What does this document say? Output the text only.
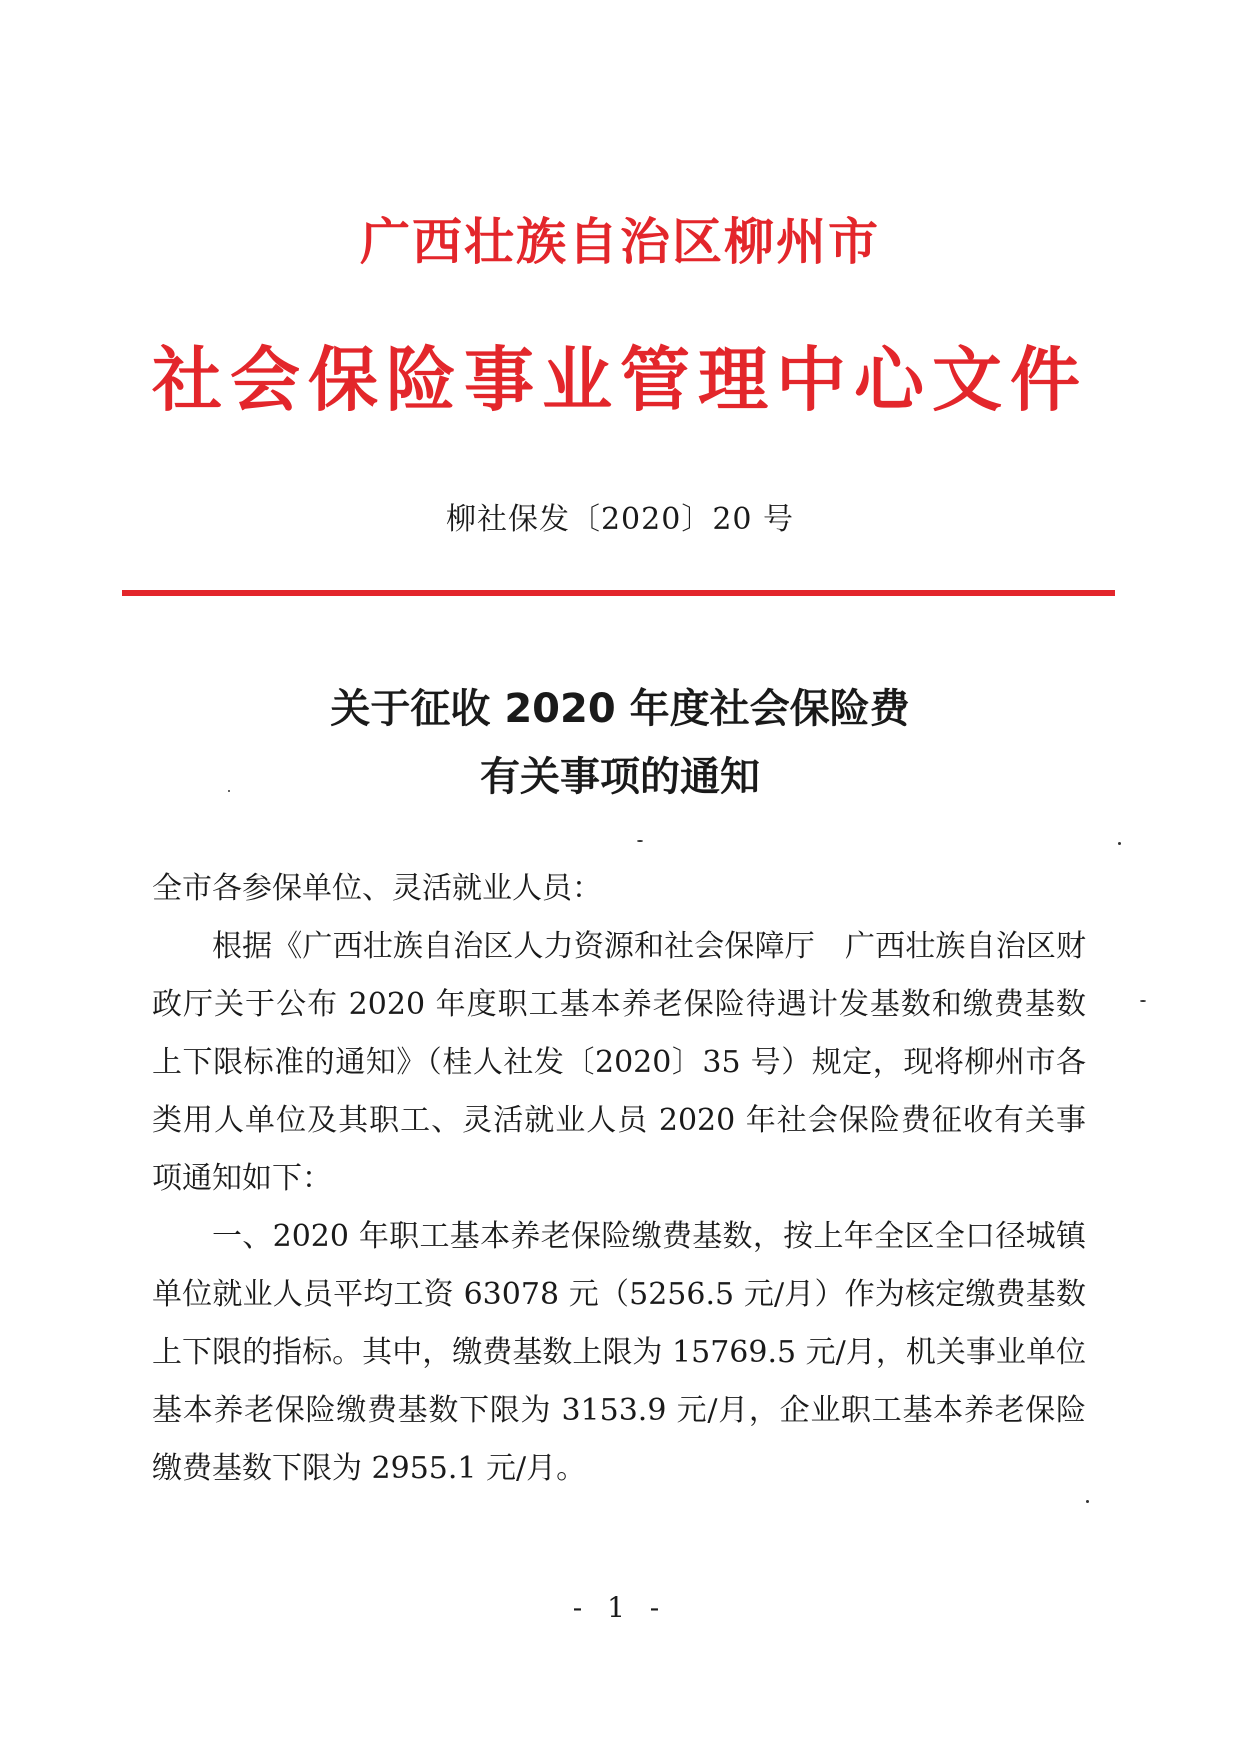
广西壮族自治区柳州市
社会保险事业管理中心文件
柳社保发〔2020〕20 号
关于征收 2020 年度社会保险费
有关事项的通知

全市各参保单位、灵活就业人员：

根据《广西壮族自治区人力资源和社会保障厅　广西壮族自治区财政厅关于公布 2020 年度职工基本养老保险待遇计发基数和缴费基数上下限标准的通知》（桂人社发〔2020〕35 号）规定，现将柳州市各类用人单位及其职工、灵活就业人员 2020 年社会保险费征收有关事项通知如下：

一、2020 年职工基本养老保险缴费基数，按上年全区全口径城镇单位就业人员平均工资 63078 元（5256.5 元/月）作为核定缴费基数上下限的指标。其中，缴费基数上限为 15769.5 元/月，机关事业单位基本养老保险缴费基数下限为 3153.9 元/月，企业职工基本养老保险缴费基数下限为 2955.1 元/月。

- 1 -
